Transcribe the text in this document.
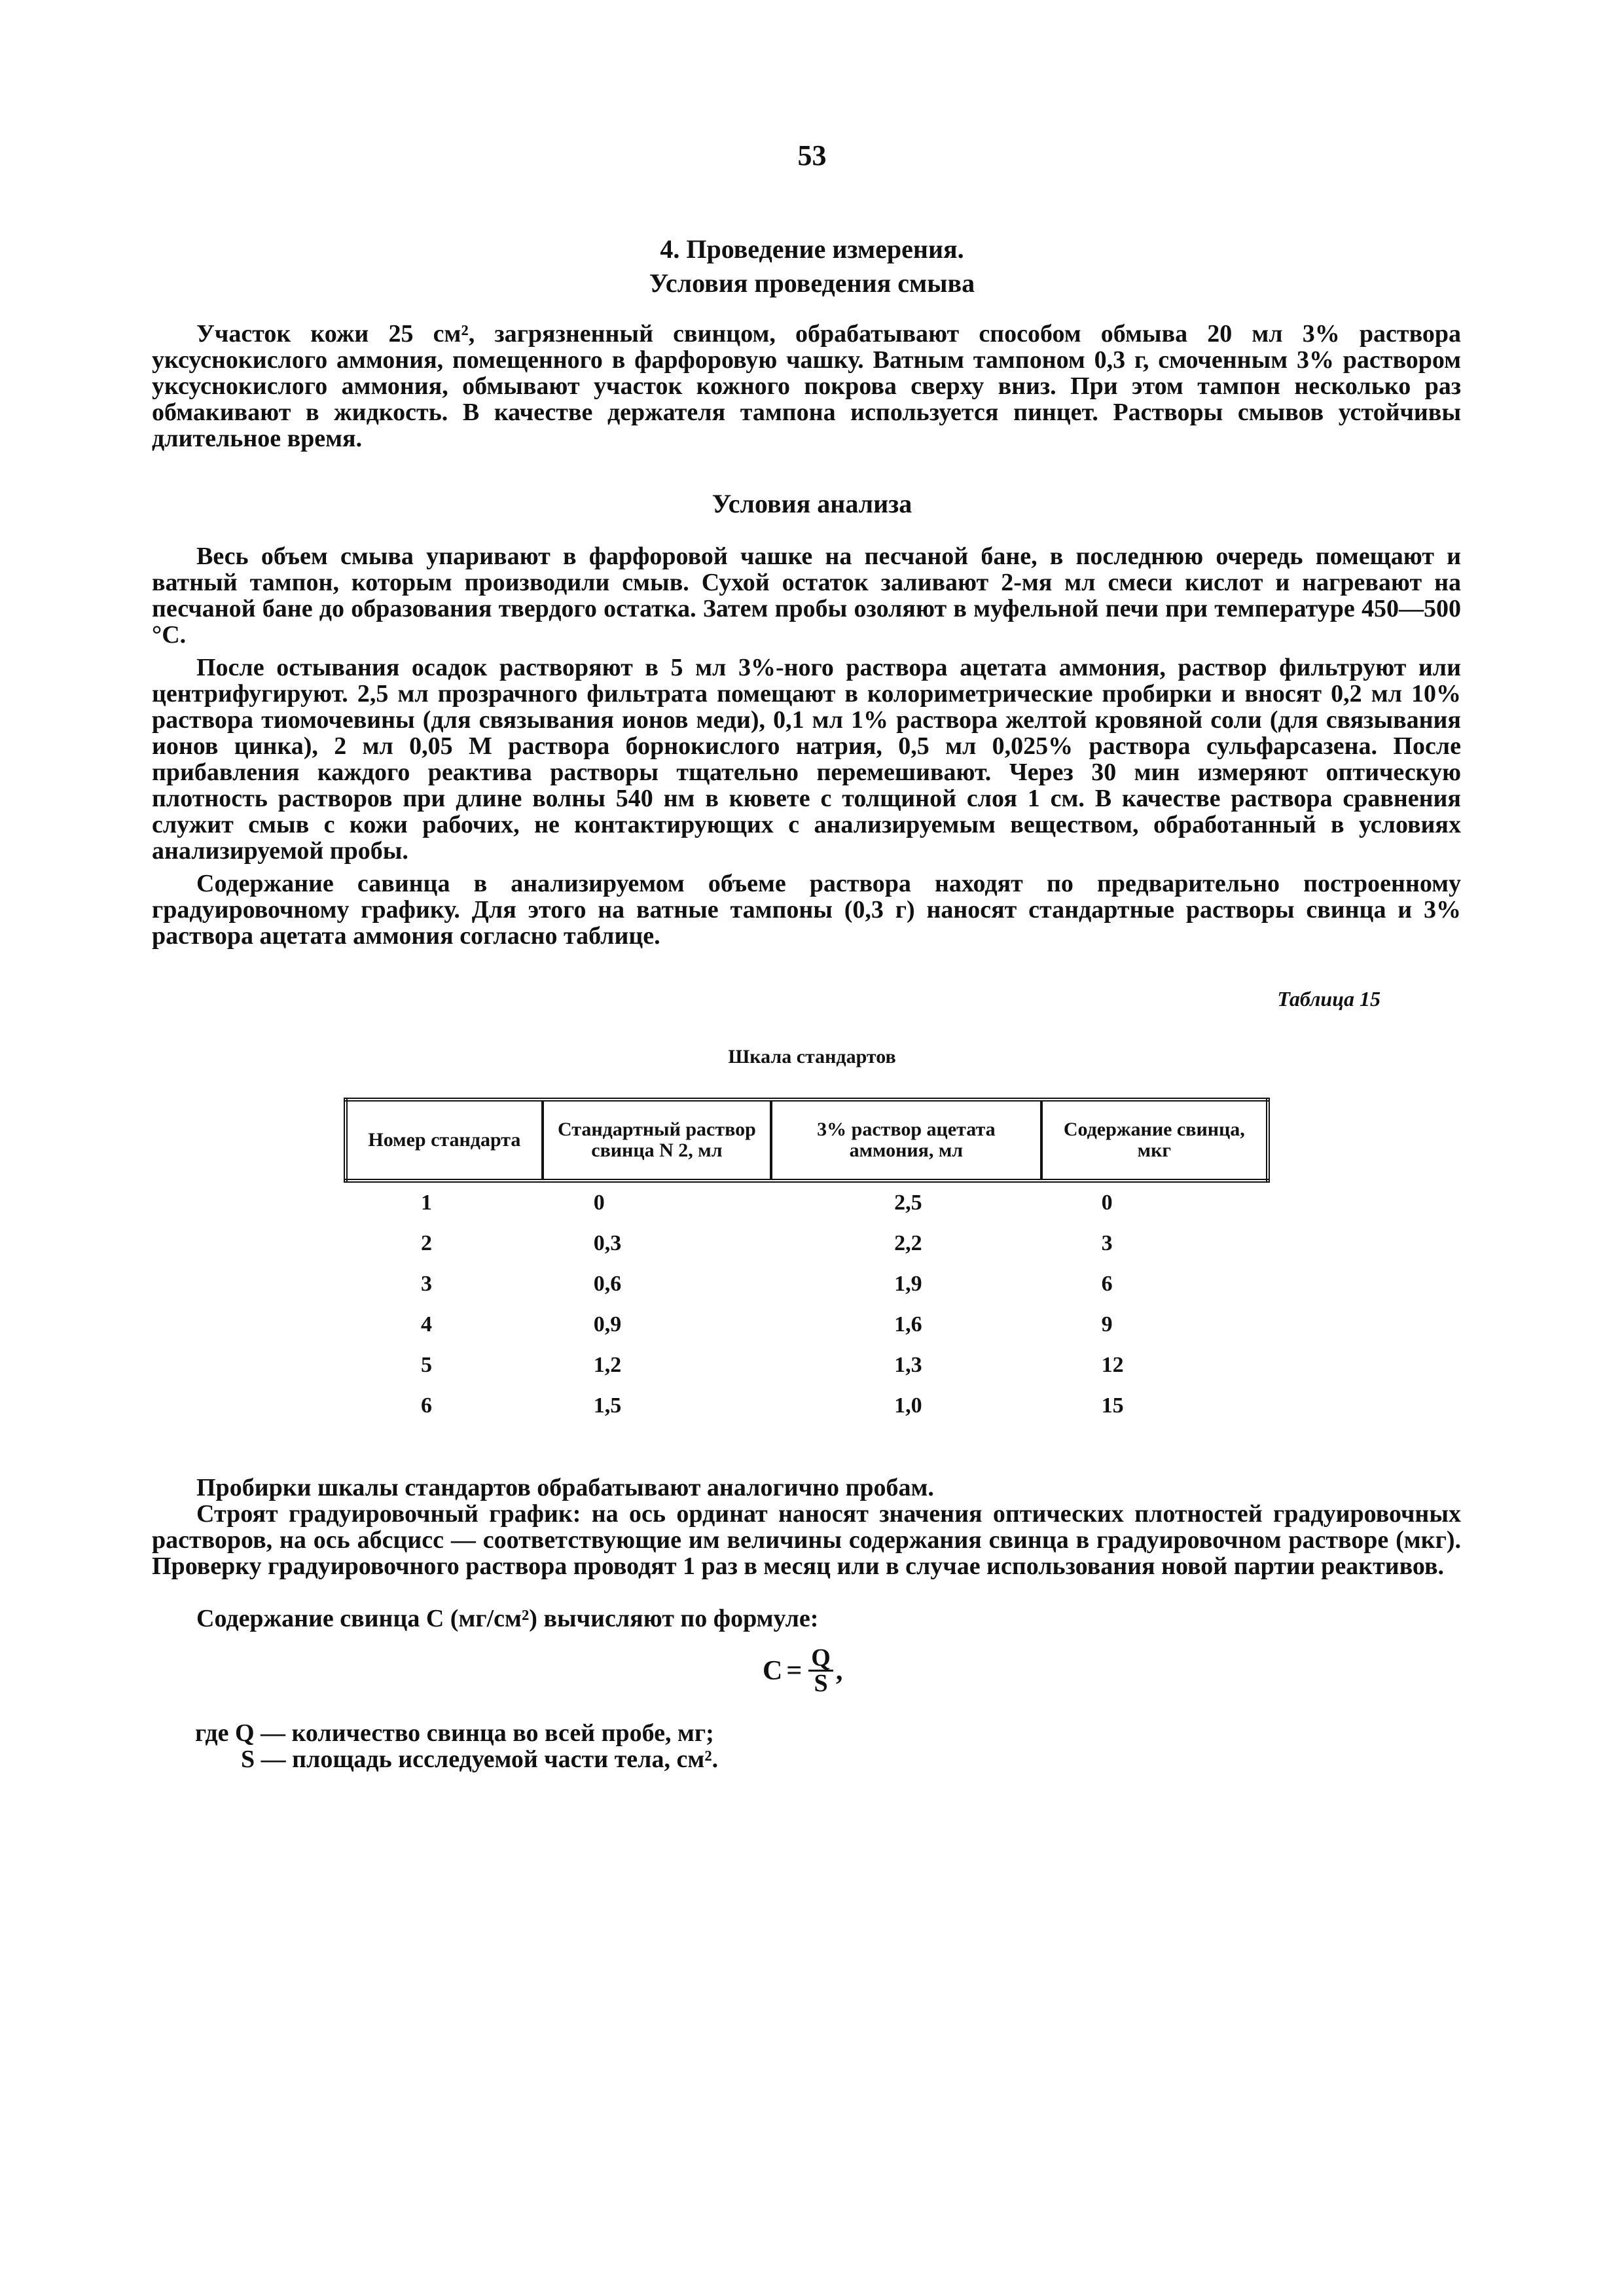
53
4. Проведение измерения.
Условия проведения смыва
Участок кожи 25 см², загрязненный свинцом, обрабатывают способом обмыва 20 мл 3% раствора уксуснокислого аммония, помещенного в фарфоровую чашку. Ватным тампоном 0,3 г, смоченным 3% раствором уксуснокислого аммония, обмывают участок кожного покрова сверху вниз. При этом тампон несколько раз обмакивают в жидкость. В качестве держателя тампона используется пинцет. Растворы смывов устойчивы длительное время.
Условия анализа
Весь объем смыва упаривают в фарфоровой чашке на песчаной бане, в последнюю очередь помещают и ватный тампон, которым производили смыв. Сухой остаток заливают 2-мя мл смеси кислот и нагревают на песчаной бане до образования твердого остатка. Затем пробы озоляют в муфельной печи при температуре 450—500 °С.
После остывания осадок растворяют в 5 мл 3%-ного раствора ацетата аммония, раствор фильтруют или центрифугируют. 2,5 мл прозрачного фильтрата помещают в колориметрические пробирки и вносят 0,2 мл 10% раствора тиомочевины (для связывания ионов меди), 0,1 мл 1% раствора желтой кровяной соли (для связывания ионов цинка), 2 мл 0,05 М раствора борнокислого натрия, 0,5 мл 0,025% раствора сульфарсазена. После прибавления каждого реактива растворы тщательно перемешивают. Через 30 мин измеряют оптическую плотность растворов при длине волны 540 нм в кювете с толщиной слоя 1 см. В качестве раствора сравнения служит смыв с кожи рабочих, не контактирующих с анализируемым веществом, обработанный в условиях анализируемой пробы.
Содержание савинца в анализируемом объеме раствора находят по предварительно построенному градуировочному графику. Для этого на ватные тампоны (0,3 г) наносят стандартные растворы свинца и 3% раствора ацетата аммония согласно таблице.
Таблица 15
Шкала стандартов
Номер стандарта	Стандартный раствор свинца N 2, мл	3% раствор ацетата аммония, мл	Содержание свинца, мкг
1	0	2,5	0
2	0,3	2,2	3
3	0,6	1,9	6
4	0,9	1,6	9
5	1,2	1,3	12
6	1,5	1,0	15
Пробирки шкалы стандартов обрабатывают аналогично пробам.
Строят градуировочный график: на ось ординат наносят значения оптических плотностей градуировочных растворов, на ось абсцисс — соответствующие им величины содержания свинца в градуировочном растворе (мкг). Проверку градуировочного раствора проводят 1 раз в месяц или в случае использования новой партии реактивов.
Содержание свинца С (мг/см²) вычисляют по формуле:
$С = \frac{Q}{S}$ ,
где Q — количество свинца во всей пробе, мг;
S — площадь исследуемой части тела, см².
